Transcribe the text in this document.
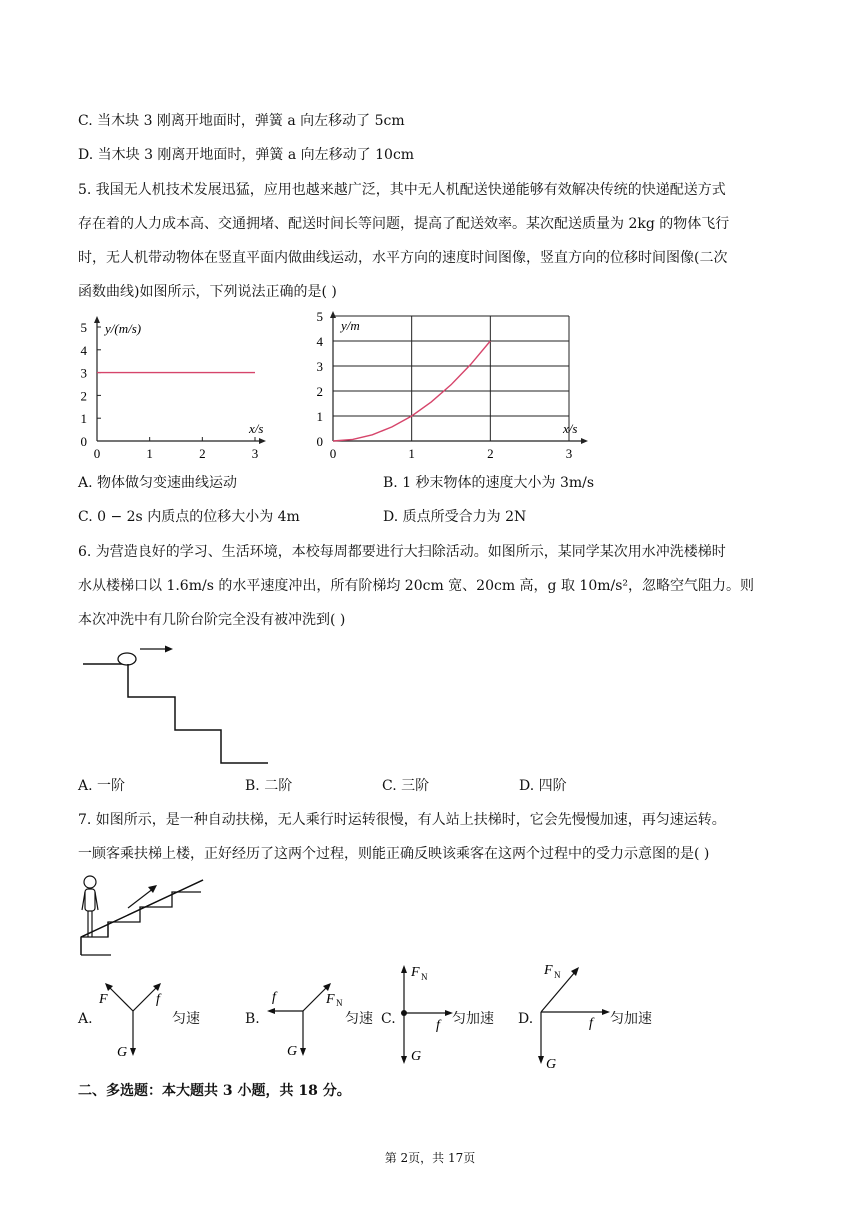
C. 当木块 3 刚离开地面时，弹簧 a 向左移动了 5cm
D. 当木块 3 刚离开地面时，弹簧 a 向左移动了 10cm
5. 我国无人机技术发展迅猛，应用也越来越广泛，其中无人机配送快递能够有效解决传统的快递配送方式
存在着的人力成本高、交通拥堵、配送时间长等问题，提高了配送效率。某次配送质量为 2kg 的物体飞行
时，无人机带动物体在竖直平面内做曲线运动，水平方向的速度时间图像，竖直方向的位移时间图像(二次
函数曲线)如图所示，下列说法正确的是( )
0	1	2	3
0
1
2
3
4
5 y/(m/s)
x/s
0	1	2	3
0
1
2
3
4
5
y/m
x/s
A. 物体做匀变速曲线运动	B. 1 秒末物体的速度大小为 3m/s
C. 0 − 2s 内质点的位移大小为 4m	D. 质点所受合力为 2N
6. 为营造良好的学习、生活环境，本校每周都要进行大扫除活动。如图所示，某同学某次用水冲洗楼梯时
水从楼梯口以 1.6m/s 的水平速度冲出，所有阶梯均 20cm 宽、20cm 高，g 取 10m/s²，忽略空气阻力。则
本次冲洗中有几阶台阶完全没有被冲洗到( )
A. 一阶	B. 二阶	C. 三阶	D. 四阶
7. 如图所示，是一种自动扶梯，无人乘行时运转很慢，有人站上扶梯时，它会先慢慢加速，再匀速运转。
一顾客乘扶梯上楼，正好经历了这两个过程，则能正确反映该乘客在这两个过程中的受力示意图的是( )
A.
F	f
G
匀速	B.
f	F N
G
匀速 C.
F N
f
G
匀加速 D.
F N
f
G
匀加速
二、多选题：本大题共 3 小题，共 18 分。
第 2页，共 17页
